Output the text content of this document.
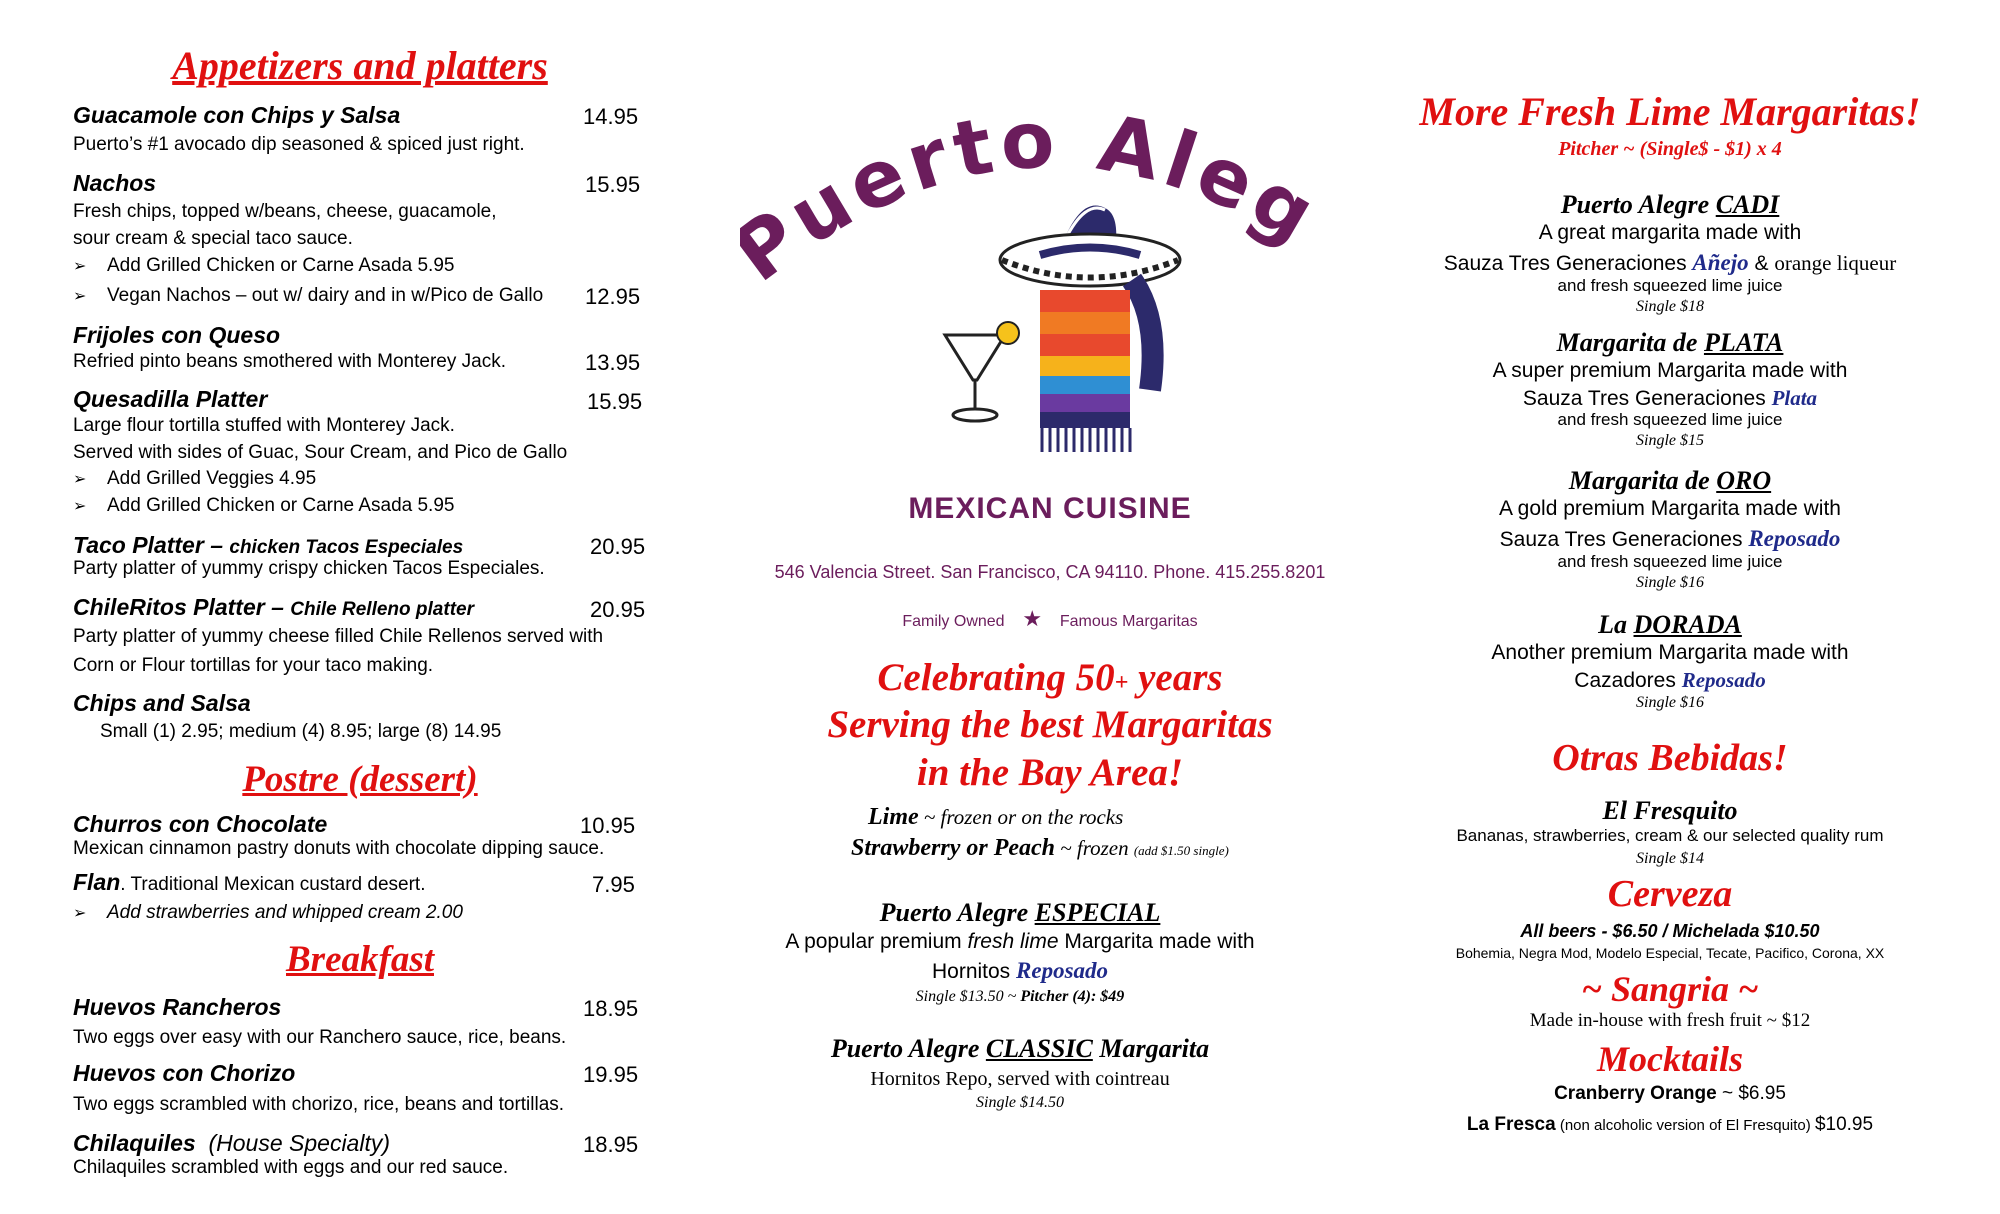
Appetizers and platters
Guacamole con Chips y Salsa	14.95
Puerto’s #1 avocado dip seasoned & spiced just right.
Nachos	15.95
Fresh chips, topped w/beans, cheese, guacamole,
sour cream & special taco sauce.
➢ Add Grilled Chicken or Carne Asada 5.95
➢ Vegan Nachos – out w/ dairy and in w/Pico de Gallo 12.95
Frijoles con Queso
Refried pinto beans smothered with Monterey Jack.	13.95
Quesadilla Platter	15.95
Large flour tortilla stuffed with Monterey Jack.
Served with sides of Guac, Sour Cream, and Pico de Gallo
➢ Add Grilled Veggies 4.95
➢ Add Grilled Chicken or Carne Asada 5.95
Taco Platter – chicken Tacos Especiales	20.95
Party platter of yummy crispy chicken Tacos Especiales.
ChileRitos Platter – Chile Relleno platter	20.95
Party platter of yummy cheese filled Chile Rellenos served with
Corn or Flour tortillas for your taco making.
Chips and Salsa
Small (1) 2.95; medium (4) 8.95; large (8) 14.95
Postre (dessert)
Churros con Chocolate	10.95
Mexican cinnamon pastry donuts with chocolate dipping sauce.
Flan. Traditional Mexican custard desert.	7.95
➢ Add strawberries and whipped cream 2.00
Breakfast
Huevos Rancheros	18.95
Two eggs over easy with our Ranchero sauce, rice, beans.
Huevos con Chorizo	19.95
Two eggs scrambled with chorizo, rice, beans and tortillas.
Chilaquiles (House Specialty)	18.95
Chilaquiles scrambled with eggs and our red sauce.
uerto Aleg
MEXICAN CUISINE
546 Valencia Street. San Francisco, CA 94110. Phone. 415.255.8201
Family Owned ★ Famous Margaritas
Celebrating 50+ years
Serving the best Margaritas
in the Bay Area!
Lime ~ frozen or on the rocks
Strawberry or Peach ~ frozen (add $1.50 single)
Puerto Alegre ESPECIAL
A popular premium fresh lime Margarita made with
Hornitos Reposado
Single $13.50 ~ Pitcher (4): $49
Puerto Alegre CLASSIC Margarita
Hornitos Repo, served with cointreau
Single $14.50
More Fresh Lime Margaritas!
Pitcher ~ (Single$ - $1) x 4
Puerto Alegre CADI
A great margarita made with
Sauza Tres Generaciones Añejo & orange liqueur
and fresh squeezed lime juice
Single $18
Margarita de PLATA
A super premium Margarita made with
Sauza Tres Generaciones Plata
and fresh squeezed lime juice
Single $15
Margarita de ORO
A gold premium Margarita made with
Sauza Tres Generaciones Reposado
and fresh squeezed lime juice
Single $16
La DORADA
Another premium Margarita made with
Cazadores Reposado
Single $16
Otras Bebidas!
El Fresquito
Bananas, strawberries, cream & our selected quality rum
Single $14
Cerveza
All beers - $6.50 / Michelada $10.50
Bohemia, Negra Mod, Modelo Especial, Tecate, Pacifico, Corona, XX
~ Sangria ~
Made in-house with fresh fruit ~ $12
Mocktails
Cranberry Orange ~ $6.95
La Fresca (non alcoholic version of El Fresquito) $10.95
